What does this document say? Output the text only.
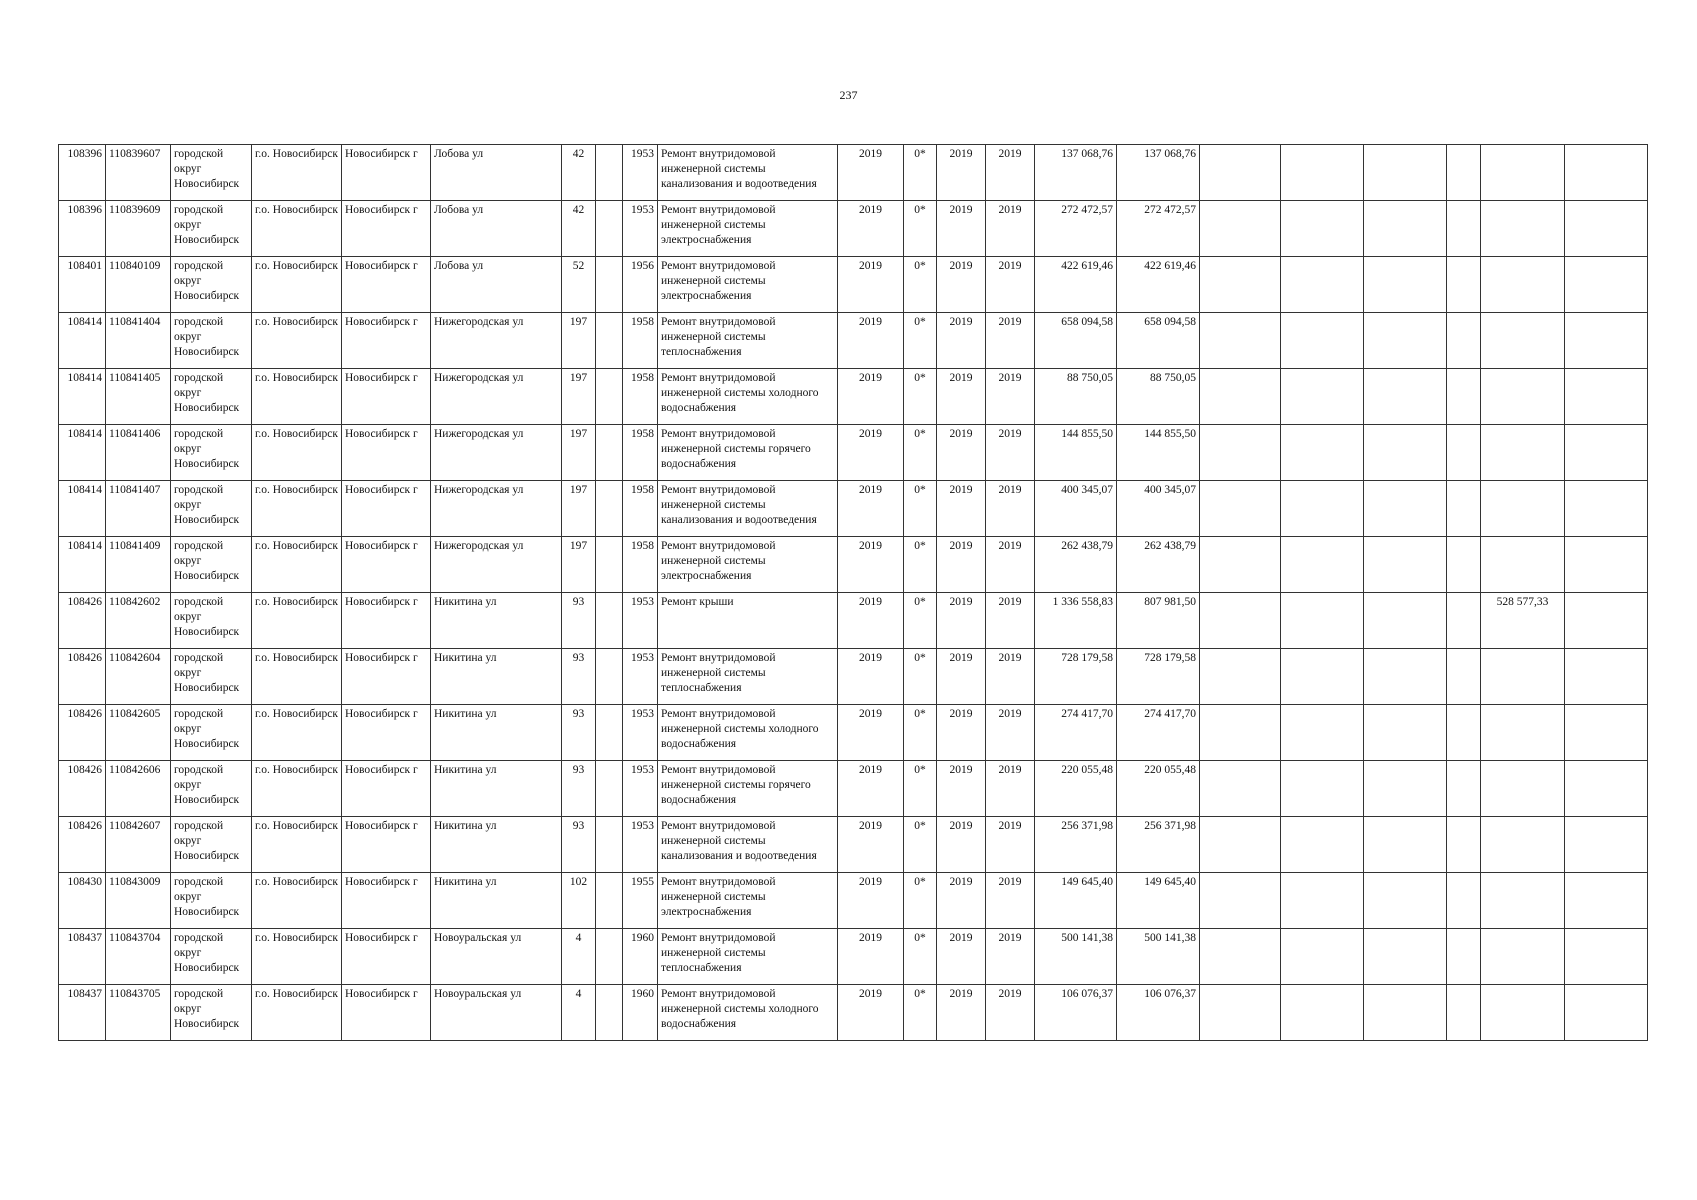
237
108396	110839607	городской округ Новосибирск	г.о. Новосибирск	Новосибирск г	Лобова ул	42		1953	Ремонт внутридомовой инженерной системы канализования и водоотведения	2019	0*	2019	2019	137 068,76	137 068,76						
108396	110839609	городской округ Новосибирск	г.о. Новосибирск	Новосибирск г	Лобова ул	42		1953	Ремонт внутридомовой инженерной системы электроснабжения	2019	0*	2019	2019	272 472,57	272 472,57						
108401	110840109	городской округ Новосибирск	г.о. Новосибирск	Новосибирск г	Лобова ул	52		1956	Ремонт внутридомовой инженерной системы электроснабжения	2019	0*	2019	2019	422 619,46	422 619,46						
108414	110841404	городской округ Новосибирск	г.о. Новосибирск	Новосибирск г	Нижегородская ул	197		1958	Ремонт внутридомовой инженерной системы теплоснабжения	2019	0*	2019	2019	658 094,58	658 094,58						
108414	110841405	городской округ Новосибирск	г.о. Новосибирск	Новосибирск г	Нижегородская ул	197		1958	Ремонт внутридомовой инженерной системы холодного водоснабжения	2019	0*	2019	2019	88 750,05	88 750,05						
108414	110841406	городской округ Новосибирск	г.о. Новосибирск	Новосибирск г	Нижегородская ул	197		1958	Ремонт внутридомовой инженерной системы горячего водоснабжения	2019	0*	2019	2019	144 855,50	144 855,50						
108414	110841407	городской округ Новосибирск	г.о. Новосибирск	Новосибирск г	Нижегородская ул	197		1958	Ремонт внутридомовой инженерной системы канализования и водоотведения	2019	0*	2019	2019	400 345,07	400 345,07						
108414	110841409	городской округ Новосибирск	г.о. Новосибирск	Новосибирск г	Нижегородская ул	197		1958	Ремонт внутридомовой инженерной системы электроснабжения	2019	0*	2019	2019	262 438,79	262 438,79						
108426	110842602	городской округ Новосибирск	г.о. Новосибирск	Новосибирск г	Никитина ул	93		1953	Ремонт крыши	2019	0*	2019	2019	1 336 558,83	807 981,50					528 577,33	
108426	110842604	городской округ Новосибирск	г.о. Новосибирск	Новосибирск г	Никитина ул	93		1953	Ремонт внутридомовой инженерной системы теплоснабжения	2019	0*	2019	2019	728 179,58	728 179,58						
108426	110842605	городской округ Новосибирск	г.о. Новосибирск	Новосибирск г	Никитина ул	93		1953	Ремонт внутридомовой инженерной системы холодного водоснабжения	2019	0*	2019	2019	274 417,70	274 417,70						
108426	110842606	городской округ Новосибирск	г.о. Новосибирск	Новосибирск г	Никитина ул	93		1953	Ремонт внутридомовой инженерной системы горячего водоснабжения	2019	0*	2019	2019	220 055,48	220 055,48						
108426	110842607	городской округ Новосибирск	г.о. Новосибирск	Новосибирск г	Никитина ул	93		1953	Ремонт внутридомовой инженерной системы канализования и водоотведения	2019	0*	2019	2019	256 371,98	256 371,98						
108430	110843009	городской округ Новосибирск	г.о. Новосибирск	Новосибирск г	Никитина ул	102		1955	Ремонт внутридомовой инженерной системы электроснабжения	2019	0*	2019	2019	149 645,40	149 645,40						
108437	110843704	городской округ Новосибирск	г.о. Новосибирск	Новосибирск г	Новоуральская ул	4		1960	Ремонт внутридомовой инженерной системы теплоснабжения	2019	0*	2019	2019	500 141,38	500 141,38						
108437	110843705	городской округ Новосибирск	г.о. Новосибирск	Новосибирск г	Новоуральская ул	4		1960	Ремонт внутридомовой инженерной системы холодного водоснабжения	2019	0*	2019	2019	106 076,37	106 076,37						
